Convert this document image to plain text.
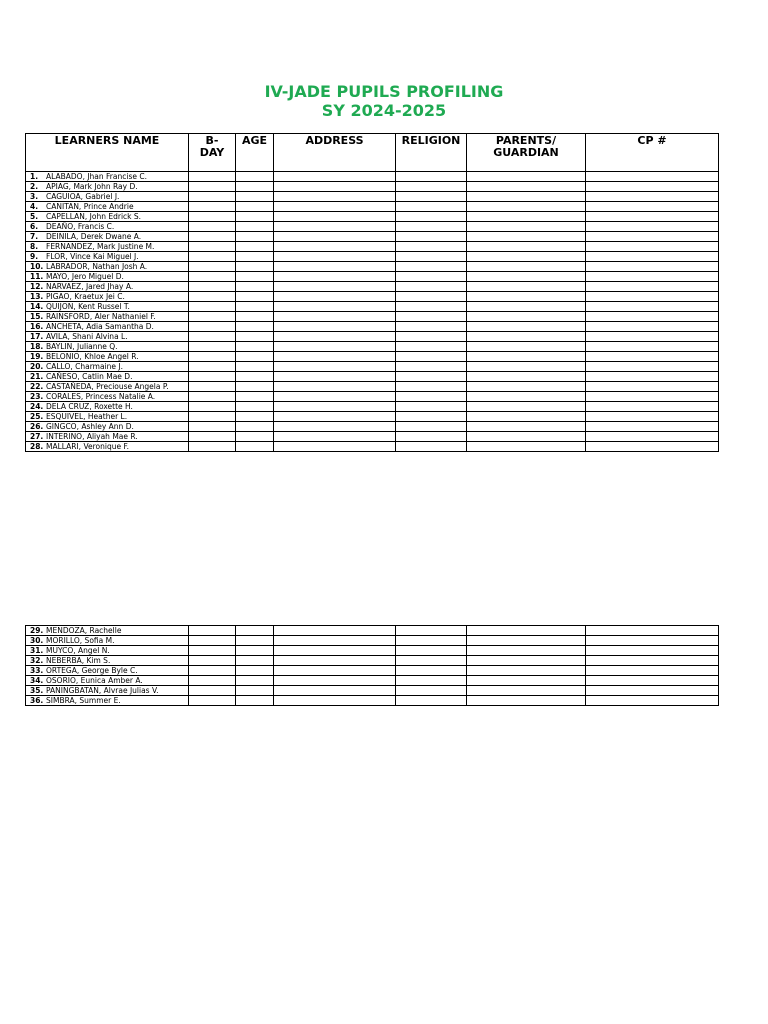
IV-JADE PUPILS PROFILING
SY 2024-2025
LEARNERS NAME	B-DAY	AGE	ADDRESS	RELIGION	PARENTS/ GUARDIAN	CP #
1. ALABADO, Jhan Francise C.						
2. APIAG, Mark John Ray D.						
3. CAGUIOA, Gabriel J.						
4. CANITAN, Prince Andrie						
5. CAPELLAN, John Edrick S.						
6. DEAÑO, Francis C.						
7. DEINILA, Derek Dwane A.						
8. FERNANDEZ, Mark Justine M.						
9. FLOR, Vince Kai Miguel J.						
10. LABRADOR, Nathan Josh A.						
11. MAYO, Jero Miguel D.						
12. NARVAEZ, Jared Jhay A.						
13. PIGAO, Kraetux Jei C.						
14. QUIJON, Kent Russel T.						
15. RAINSFORD, Aler Nathaniel F.						
16. ANCHETA, Adia Samantha D.						
17. AVILA, Shani Alvina L.						
18. BAYLIN, Julianne Q.						
19. BELONIO, Khloe Angel R.						
20. CALLO, Charmaine J.						
21. CAÑESO, Catlin Mae D.						
22. CASTAÑEDA, Preciouse Angela P.						
23. CORALES, Princess Natalie A.						
24. DELA CRUZ, Roxette H.						
25. ESQUIVEL, Heather L.						
26. GINGCO, Ashley Ann D.						
27. INTERINO, Aliyah Mae R.						
28. MALLARI, Veronique F.						
29. MENDOZA, Rachelle						
30. MORILLO, Sofia M.						
31. MUYCO, Angel N.						
32. NEBERBA, Kim S.						
33. ORTEGA, George Byle C.						
34. OSORIO, Eunica Amber A.						
35. PANINGBATAN, Alvrae Julias V.						
36. SIMBRA, Summer E.						
